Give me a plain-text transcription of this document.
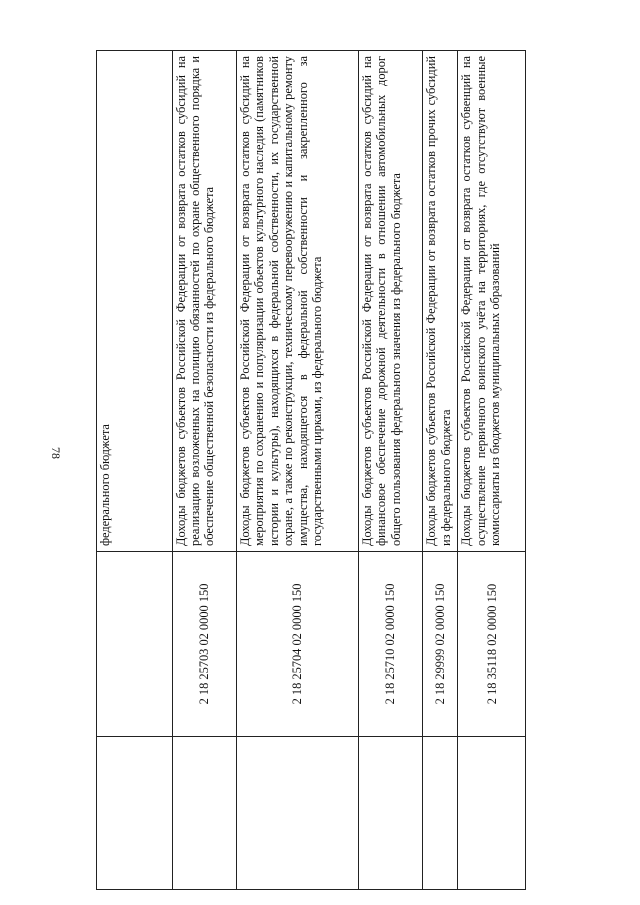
78
			федерального бюджета
	2 18 25703 02 0000 150	Доходы бюджетов субъектов Российской Федерации от возврата остатков субсидий на реализацию возложенных на полицию обязанностей по охране общественного порядка и обеспечение общественной безопасности из федерального бюджета
	2 18 25704 02 0000 150	Доходы бюджетов субъектов Российской Федерации от возврата остатков субсидий на мероприятия по сохранению и популяризации объектов культурного наследия (памятников истории и культуры), находящихся в федеральной собственности, их государственной охране, а также по реконструкции, техническому перевооружению и капитальному ремонту имущества, находящегося в федеральной собственности и закрепленного за государственными цирками, из федерального бюджета
	2 18 25710 02 0000 150	Доходы бюджетов субъектов Российской Федерации от возврата остатков субсидий на финансовое обеспечение дорожной деятельности в отношении автомобильных дорог общего пользования федерального значения из федерального бюджета
	2 18 29999 02 0000 150	Доходы бюджетов субъектов Российской Федерации от возврата остатков прочих субсидий из федерального бюджета
	2 18 35118 02 0000 150	Доходы бюджетов субъектов Российской Федерации от возврата остатков субвенций на осуществление первичного воинского учёта на территориях, где отсутствуют военные комиссариаты из бюджетов муниципальных образований
